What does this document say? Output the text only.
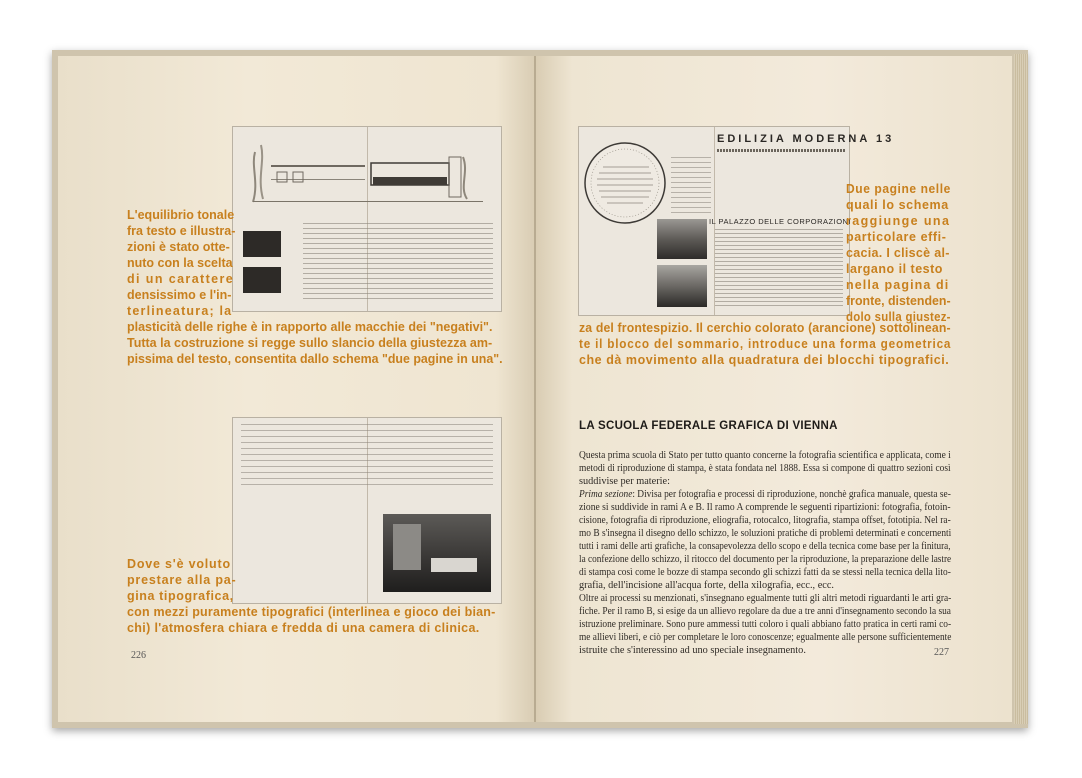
L'equilibrio tonale
fra testo e illustra-
zioni è stato otte-
nuto con la scelta
di un carattere
densissimo e l'in-
terlineatura; la
plasticità delle righe è in rapporto alle macchie dei "negativi".
Tutta la costruzione si regge sullo slancio della giustezza am-
pissima del testo, consentita dallo schema "due pagine in una".
Dove s'è voluto
prestare alla pa-
gina tipografica,
con mezzi puramente tipografici (interlinea e gioco dei bian-
chi) l'atmosfera chiara e fredda di una camera di clinica.
226
EDILIZIA MODERNA 13
IL PALAZZO DELLE CORPORAZIONI
Due pagine nelle
quali lo schema
raggiunge una
particolare effi-
cacia. I cliscè al-
largano il testo
nella pagina di
fronte, distenden-
dolo sulla giustez-
za del frontespizio. Il cerchio colorato (arancione) sottolinean-
te il blocco del sommario, introduce una forma geometrica
che dà movimento alla quadratura dei blocchi tipografici.
LA SCUOLA FEDERALE GRAFICA DI VIENNA
Questa prima scuola di Stato per tutto quanto concerne la fotografia scientifica e applicata, come i
metodi di riproduzione di stampa, è stata fondata nel 1888. Essa si compone di quattro sezioni così
suddivise per materie:
Prima sezione: Divisa per fotografia e processi di riproduzione, nonchè grafica manuale, questa se-
zione si suddivide in rami A e B. Il ramo A comprende le seguenti ripartizioni: fotografia, fotoin-
cisione, fotografia di riproduzione, eliografia, rotocalco, litografia, stampa offset, fototipia. Nel ra-
mo B s'insegna il disegno dello schizzo, le soluzioni pratiche di problemi determinati e concernenti
tutti i rami delle arti grafiche, la consapevolezza dello scopo e della tecnica come base per la finitura,
la confezione dello schizzo, il ritocco del documento per la riproduzione, la preparazione delle lastre
di stampa così come le bozze di stampa secondo gli schizzi fatti da se stessi nella tecnica della lito-
grafia, dell'incisione all'acqua forte, della xilografia, ecc., ecc.
Oltre ai processi su menzionati, s'insegnano egualmente tutti gli altri metodi riguardanti le arti gra-
fiche. Per il ramo B, si esige da un allievo regolare da due a tre anni d'insegnamento secondo la sua
istruzione preliminare. Sono pure ammessi tutti coloro i quali abbiano fatto pratica in certi rami co-
me allievi liberi, e ciò per completare le loro conoscenze; egualmente alle persone sufficientemente
istruite che s'interessino ad uno speciale insegnamento.	227
